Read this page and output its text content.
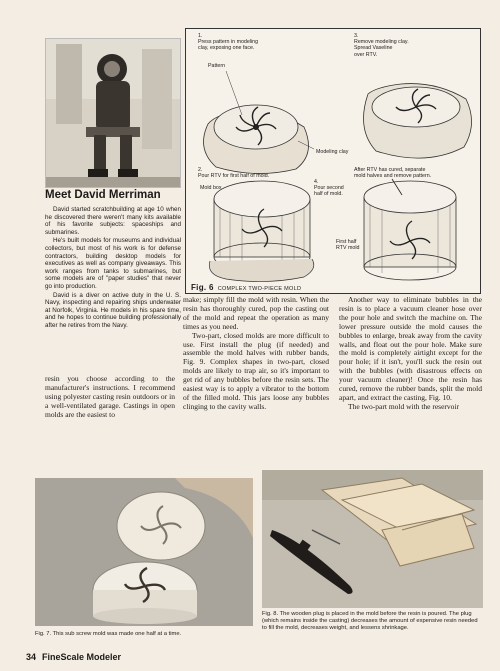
Meet David Merriman

David started scratchbuilding at age 10 when he discovered there weren't many kits available of his favorite subjects: spaceships and submarines.

He's built models for museums and individual collectors, but most of his work is for defense contractors, building desktop models for executives as well as company giveaways. This work ranges from tanks to submarines, but some models are of "paper studies" that never go into production.

David is a diver on active duty in the U. S. Navy, inspecting and repairing ships underwater at Norfolk, Virginia. He models in his spare time, and he hopes to continue building professionally after he retires from the Navy.

1.
Press pattern in modeling
clay, exposing one face.
Pattern
3.
Remove modeling clay.
Spread Vaseline
over RTV.
Modeling clay
2.
Pour RTV for first half of mold.
Mold box
After RTV has cured, separate
mold halves and remove pattern.
4.
Pour second
half of mold.
First half
RTV mold
Fig. 6 COMPLEX TWO-PIECE MOLD

resin you choose according to the manufacturer's instructions. I recommend using polyester casting resin outdoors or in a well-ventilated garage. Castings in open molds are the easiest to

make; simply fill the mold with resin. When the resin has thoroughly cured, pop the casting out of the mold and repeat the operation as many times as you need.

Two-part, closed molds are more difficult to use. First install the plug (if needed) and assemble the mold halves with rubber bands, Fig. 9. Complex shapes in two-part, closed molds are likely to trap air, so it's important to get rid of any bubbles before the resin sets. The easiest way is to apply a vibrator to the bottom of the filled mold. This jars loose any bubbles clinging to the cavity walls.

Another way to eliminate bubbles in the resin is to place a vacuum cleaner hose over the pour hole and switch the machine on. The lower pressure outside the mold causes the bubbles to enlarge, break away from the cavity walls, and float out the pour hole. Make sure the mold is completely airtight except for the pour hole; if it isn't, you'll suck the resin out with the bubbles (with disastrous effects on your vacuum cleaner)! Once the resin has cured, remove the rubber bands, split the mold apart, and extract the casting, Fig. 10.

The two-part mold with the reservoir

Fig. 7. This sub screw mold was made one half at a time.
Fig. 8. The wooden plug is placed in the mold before the resin is poured. The plug (which remains inside the casting) decreases the amount of expensive resin needed to fill the mold, decreases weight, and lessens shrinkage.
34 FineScale Modeler
